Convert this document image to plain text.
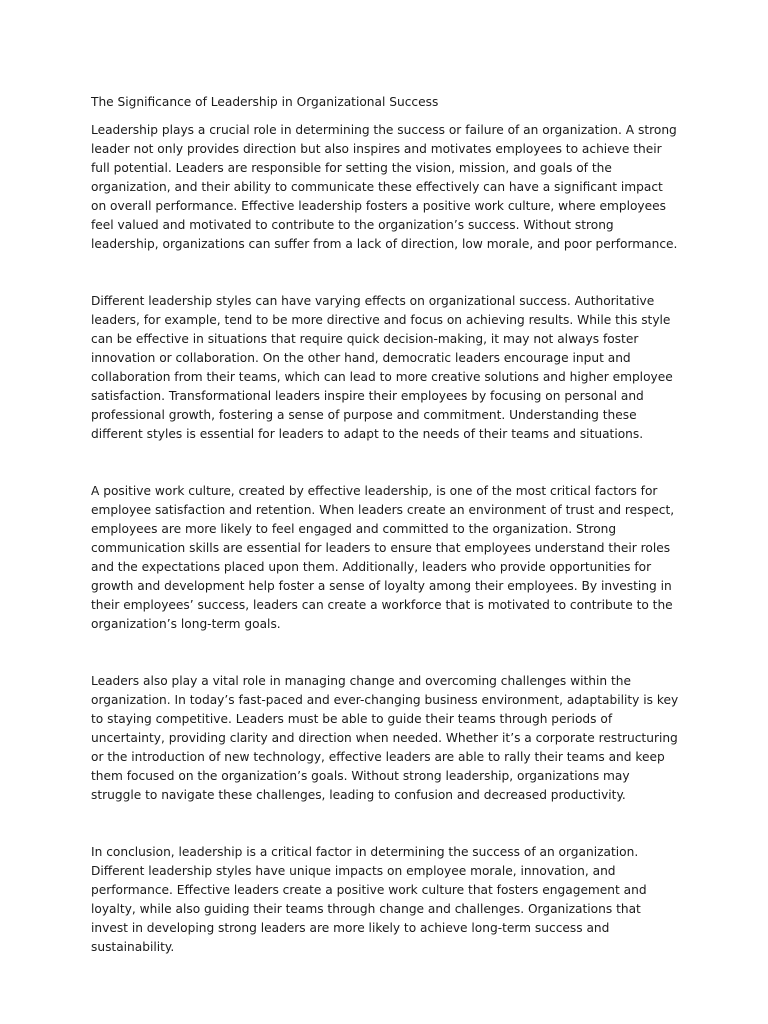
The Significance of Leadership in Organizational Success

Leadership plays a crucial role in determining the success or failure of an organization. A strong leader not only provides direction but also inspires and motivates employees to achieve their full potential. Leaders are responsible for setting the vision, mission, and goals of the organization, and their ability to communicate these effectively can have a significant impact on overall performance. Effective leadership fosters a positive work culture, where employees feel valued and motivated to contribute to the organization’s success. Without strong leadership, organizations can suffer from a lack of direction, low morale, and poor performance.

Different leadership styles can have varying effects on organizational success. Authoritative leaders, for example, tend to be more directive and focus on achieving results. While this style can be effective in situations that require quick decision-making, it may not always foster innovation or collaboration. On the other hand, democratic leaders encourage input and collaboration from their teams, which can lead to more creative solutions and higher employee satisfaction. Transformational leaders inspire their employees by focusing on personal and professional growth, fostering a sense of purpose and commitment. Understanding these different styles is essential for leaders to adapt to the needs of their teams and situations.

A positive work culture, created by effective leadership, is one of the most critical factors for employee satisfaction and retention. When leaders create an environment of trust and respect, employees are more likely to feel engaged and committed to the organization. Strong communication skills are essential for leaders to ensure that employees understand their roles and the expectations placed upon them. Additionally, leaders who provide opportunities for growth and development help foster a sense of loyalty among their employees. By investing in their employees’ success, leaders can create a workforce that is motivated to contribute to the organization’s long-term goals.

Leaders also play a vital role in managing change and overcoming challenges within the organization. In today’s fast-paced and ever-changing business environment, adaptability is key to staying competitive. Leaders must be able to guide their teams through periods of uncertainty, providing clarity and direction when needed. Whether it’s a corporate restructuring or the introduction of new technology, effective leaders are able to rally their teams and keep them focused on the organization’s goals. Without strong leadership, organizations may struggle to navigate these challenges, leading to confusion and decreased productivity.

In conclusion, leadership is a critical factor in determining the success of an organization. Different leadership styles have unique impacts on employee morale, innovation, and performance. Effective leaders create a positive work culture that fosters engagement and loyalty, while also guiding their teams through change and challenges. Organizations that invest in developing strong leaders are more likely to achieve long-term success and sustainability.
